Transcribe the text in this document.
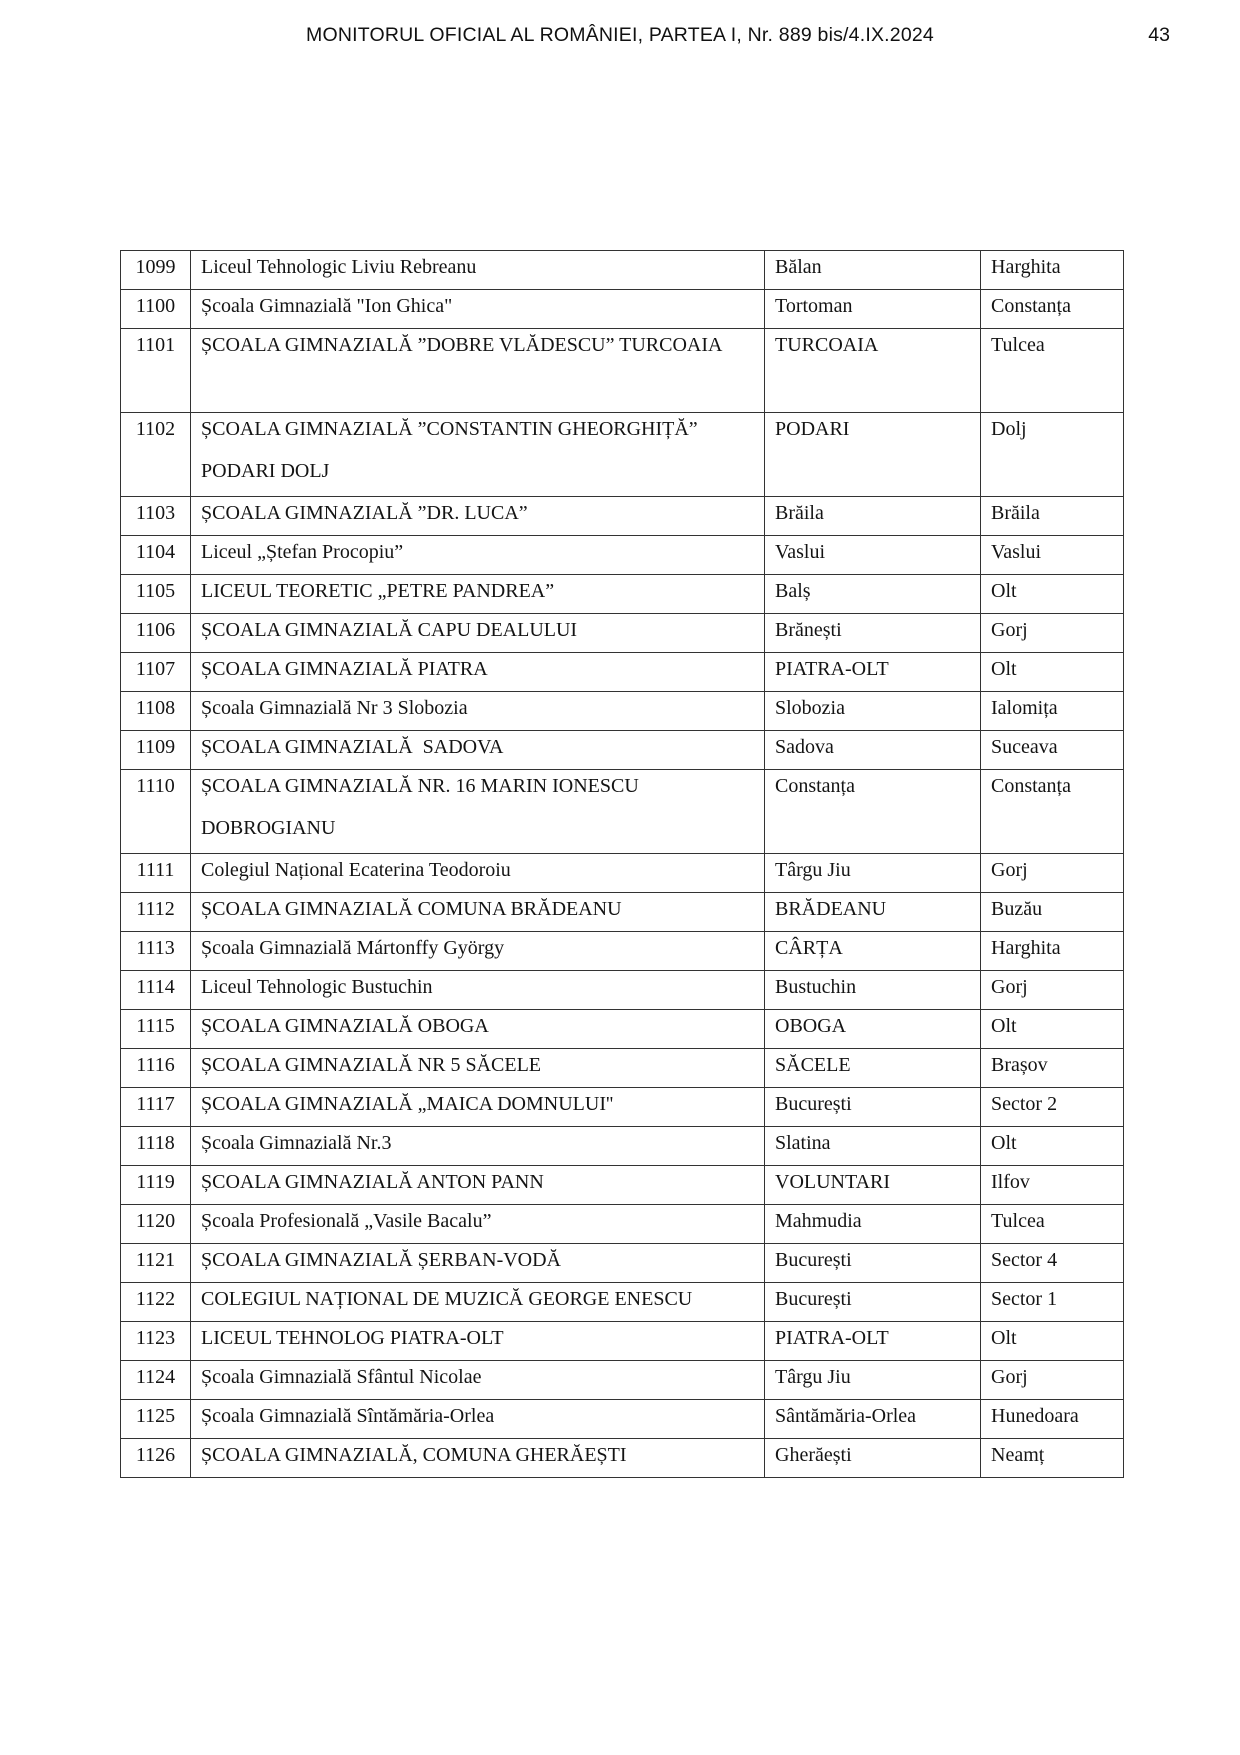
MONITORUL OFICIAL AL ROMÂNIEI, PARTEA I, Nr. 889 bis/4.IX.2024	43
1099	Liceul Tehnologic Liviu Rebreanu	Bălan	Harghita

1100	Școala Gimnazială "Ion Ghica"	Tortoman	Constanța

1101	ȘCOALA GIMNAZIALĂ ”DOBRE VLĂDESCU” TURCOAIA	TURCOAIA	Tulcea

1102	ȘCOALA GIMNAZIALĂ ”CONSTANTIN GHEORGHIȚĂ” PODARI DOLJ	PODARI	Dolj

1103	ȘCOALA GIMNAZIALĂ ”DR. LUCA”	Brăila	Brăila

1104	Liceul „Ștefan Procopiu”	Vaslui	Vaslui

1105	LICEUL TEORETIC „PETRE PANDREA”	Balș	Olt

1106	ȘCOALA GIMNAZIALĂ CAPU DEALULUI	Brănești	Gorj

1107	ȘCOALA GIMNAZIALĂ PIATRA	PIATRA-OLT	Olt

1108	Școala Gimnazială Nr 3 Slobozia	Slobozia	Ialomița

1109	ȘCOALA GIMNAZIALĂ  SADOVA	Sadova	Suceava

1110	ȘCOALA GIMNAZIALĂ NR. 16 MARIN IONESCU DOBROGIANU	Constanța	Constanța

1111	Colegiul Național Ecaterina Teodoroiu	Târgu Jiu	Gorj

1112	ȘCOALA GIMNAZIALĂ COMUNA BRĂDEANU	BRĂDEANU	Buzău

1113	Școala Gimnazială Mártonffy György	CÂRȚA	Harghita

1114	Liceul Tehnologic Bustuchin	Bustuchin	Gorj

1115	ȘCOALA GIMNAZIALĂ OBOGA	OBOGA	Olt

1116	ȘCOALA GIMNAZIALĂ NR 5 SĂCELE	SĂCELE	Brașov

1117	ȘCOALA GIMNAZIALĂ „MAICA DOMNULUI''	București	Sector 2

1118	Școala Gimnazială Nr.3	Slatina	Olt

1119	ȘCOALA GIMNAZIALĂ ANTON PANN	VOLUNTARI	Ilfov

1120	Școala Profesională „Vasile Bacalu”	Mahmudia	Tulcea

1121	ȘCOALA GIMNAZIALĂ ȘERBAN-VODĂ	București	Sector 4

1122	COLEGIUL NAȚIONAL DE MUZICĂ GEORGE ENESCU	București	Sector 1

1123	LICEUL TEHNOLOG PIATRA-OLT	PIATRA-OLT	Olt

1124	Școala Gimnazială Sfântul Nicolae	Târgu Jiu	Gorj

1125	Școala Gimnazială Sîntămăria-Orlea	Sântămăria-Orlea	Hunedoara

1126	ȘCOALA GIMNAZIALĂ, COMUNA GHERĂEȘTI	Gherăești	Neamț
